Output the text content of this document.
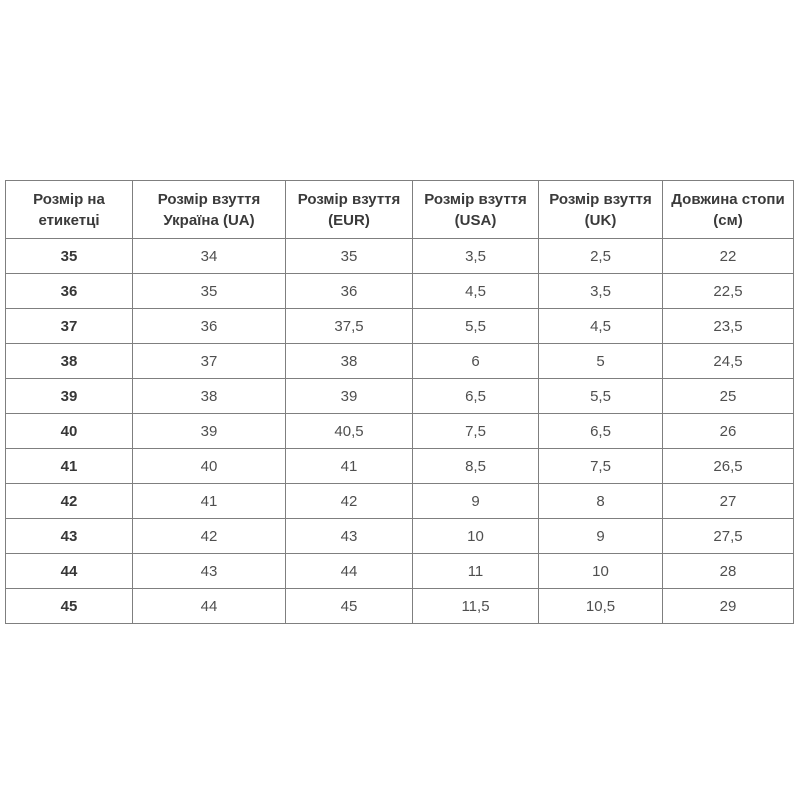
Розмір на етикетці	Розмір взуття Україна (UA)	Розмір взуття (EUR)	Розмір взуття (USA)	Розмір взуття (UK)	Довжина стопи (см)
35	34	35	3,5	2,5	22
36	35	36	4,5	3,5	22,5
37	36	37,5	5,5	4,5	23,5
38	37	38	6	5	24,5
39	38	39	6,5	5,5	25
40	39	40,5	7,5	6,5	26
41	40	41	8,5	7,5	26,5
42	41	42	9	8	27
43	42	43	10	9	27,5
44	43	44	11	10	28
45	44	45	11,5	10,5	29
